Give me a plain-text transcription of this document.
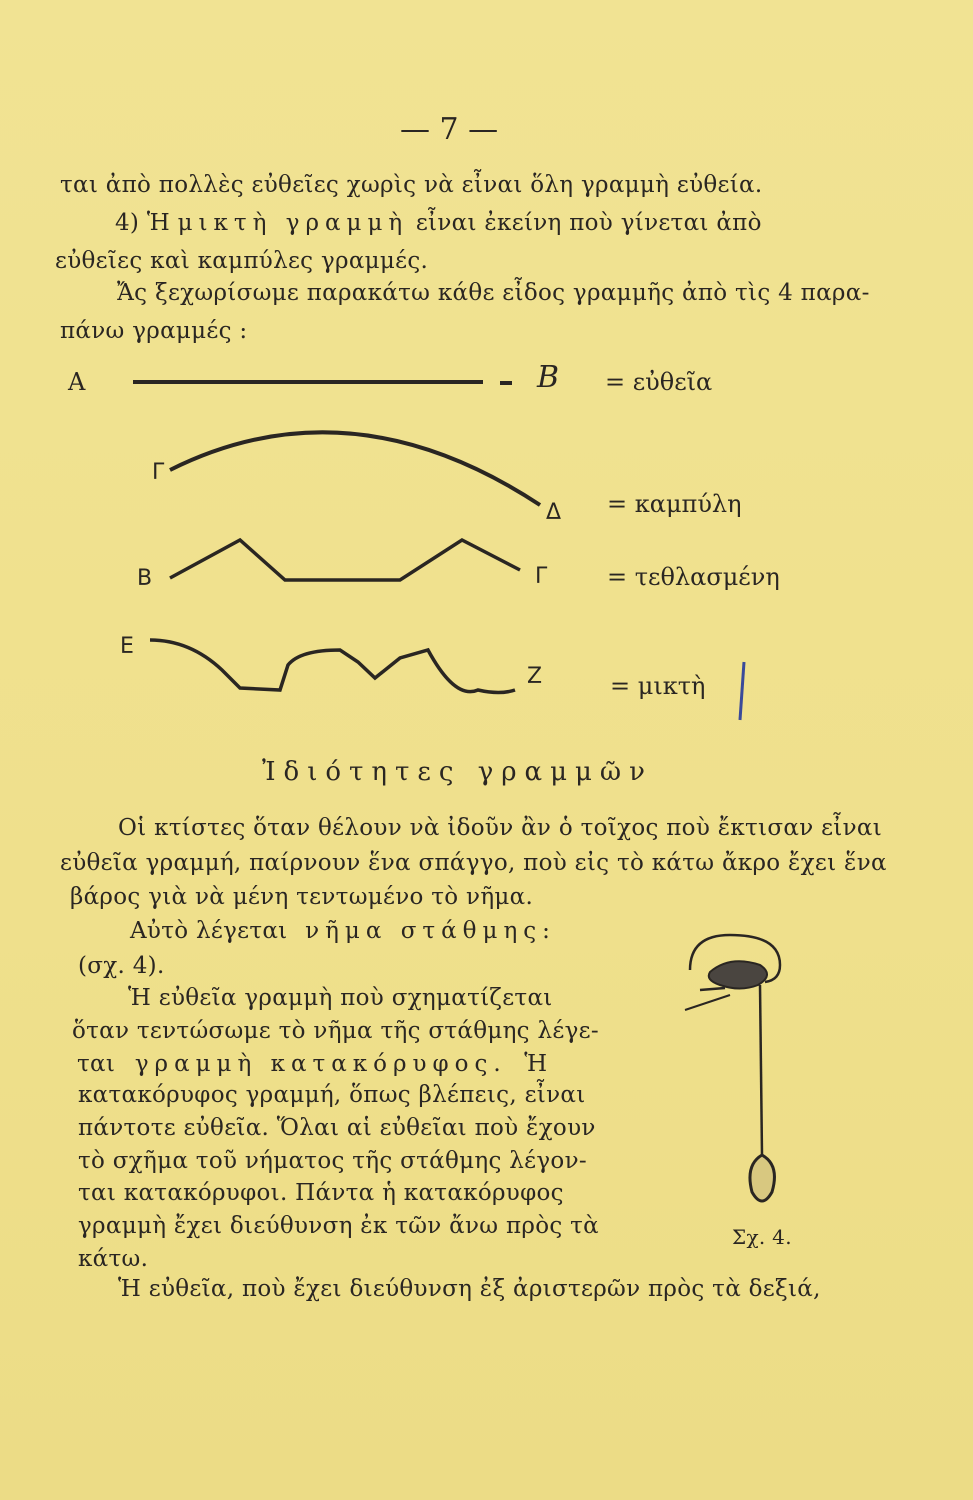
— 7 —
ται ἀπὸ πολλὲς εὐθεῖες χωρὶς νὰ εἶναι ὅλη γραμμὴ εὐθεία.
4) Ἡ μικτὴ γραμμὴ εἶναι ἐκείνη ποὺ γίνεται ἀπὸ
εὐθεῖες καὶ καμπύλες γραμμές.
Ἄς ξεχωρίσωμε παρακάτω κάθε εἶδος γραμμῆς ἀπὸ τὶς 4 παρα-
πάνω γραμμές :
Α	Β = εὐθεῖα
Γ
Δ = καμπύλη
Β	Γ = τεθλασμένη
Ε
Ζ	= μικτὴ
Ἰδιότητες γραμμῶν
Οἱ κτίστες ὅταν θέλουν νὰ ἰδοῦν ἂν ὁ τοῖχος ποὺ ἔκτισαν εἶναι
εὐθεῖα γραμμή, παίρνουν ἕνα σπάγγο, ποὺ εἰς τὸ κάτω ἄκρο ἔχει ἕνα
βάρος γιὰ νὰ μένη τεντωμένο τὸ νῆμα.
Αὐτὸ λέγεται νῆμα στάθμης:
(σχ. 4).
Ἡ εὐθεῖα γραμμὴ ποὺ σχηματίζεται
ὅταν τεντώσωμε τὸ νῆμα τῆς στάθμης λέγε-
ται γραμμὴ κατακόρυφος. Ἡ
κατακόρυφος γραμμή, ὅπως βλέπεις, εἶναι
πάντοτε εὐθεῖα. Ὅλαι αἱ εὐθεῖαι ποὺ ἔχουν
τὸ σχῆμα τοῦ νήματος τῆς στάθμης λέγον-
ται κατακόρυφοι. Πάντα ἡ κατακόρυφος
γραμμὴ ἔχει διεύθυνση ἐκ τῶν ἄνω πρὸς τὰ
κάτω.
Ἡ εὐθεῖα, ποὺ ἔχει διεύθυνση ἐξ ἀριστερῶν πρὸς τὰ δεξιά,
Σχ. 4.
